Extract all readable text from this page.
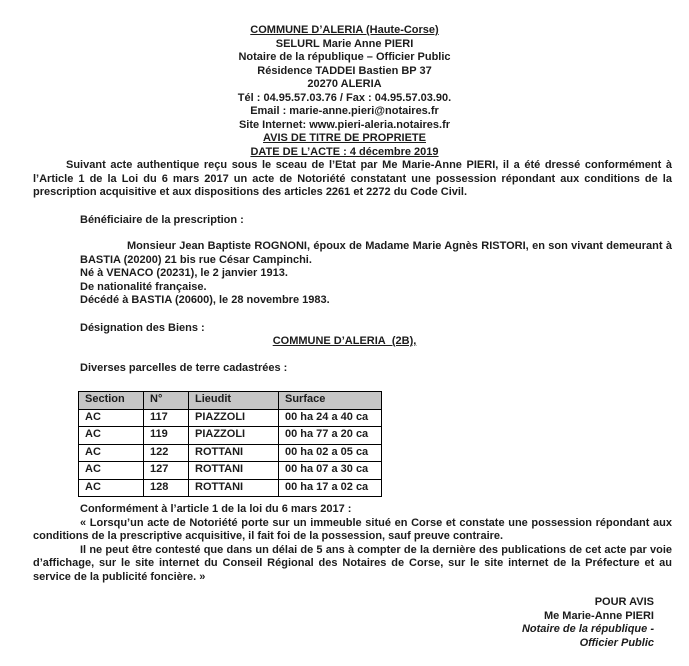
COMMUNE D’ALERIA (Haute-Corse)
SELURL Marie Anne PIERI
Notaire de la république – Officier Public
Résidence TADDEI Bastien BP 37
20270 ALERIA
Tél : 04.95.57.03.76 / Fax : 04.95.57.03.90.
Email : marie-anne.pieri@notaires.fr
Site Internet: www.pieri-aleria.notaires.fr
AVIS DE TITRE DE PROPRIETE
DATE DE L’ACTE : 4 décembre 2019

Suivant acte authentique reçu sous le sceau de l’Etat par Me Marie-Anne PIERI, il a été dressé conformément à l’Article 1 de la Loi du 6 mars 2017 un acte de Notoriété constatant une possession répondant aux conditions de la prescription acquisitive et aux dispositions des articles 2261 et 2272 du Code Civil.

Bénéficiaire de la prescription :

Monsieur Jean Baptiste ROGNONI, époux de Madame Marie Agnès RISTORI, en son vivant demeurant à BASTIA (20200) 21 bis rue César Campinchi.

Né à VENACO (20231), le 2 janvier 1913.
De nationalité française.
Décédé à BASTIA (20600), le 28 novembre 1983.
Désignation des Biens :
COMMUNE D’ALERIA  (2B),
Diverses parcelles de terre cadastrées :
Section	N°	Lieudit	Surface
AC	117	PIAZZOLI	00 ha 24 a 40 ca
AC	119	PIAZZOLI	00 ha 77 a 20 ca
AC	122	ROTTANI	00 ha 02 a 05 ca
AC	127	ROTTANI	00 ha 07 a 30 ca
AC	128	ROTTANI	00 ha 17 a 02 ca
Conformément à l’article 1 de la loi du 6 mars 2017 :

« Lorsqu’un acte de Notoriété porte sur un immeuble situé en Corse et constate une possession répondant aux conditions de la prescriptive acquisitive, il fait foi de la possession, sauf preuve contraire.

Il ne peut être contesté que dans un délai de 5 ans à compter de la dernière des publications de cet acte par voie d’affichage, sur le site internet du Conseil Régional des Notaires de Corse, sur le site internet de la Préfecture et au service de la publicité foncière. »

POUR AVIS
Me Marie-Anne PIERI
Notaire de la république -
Officier Public
